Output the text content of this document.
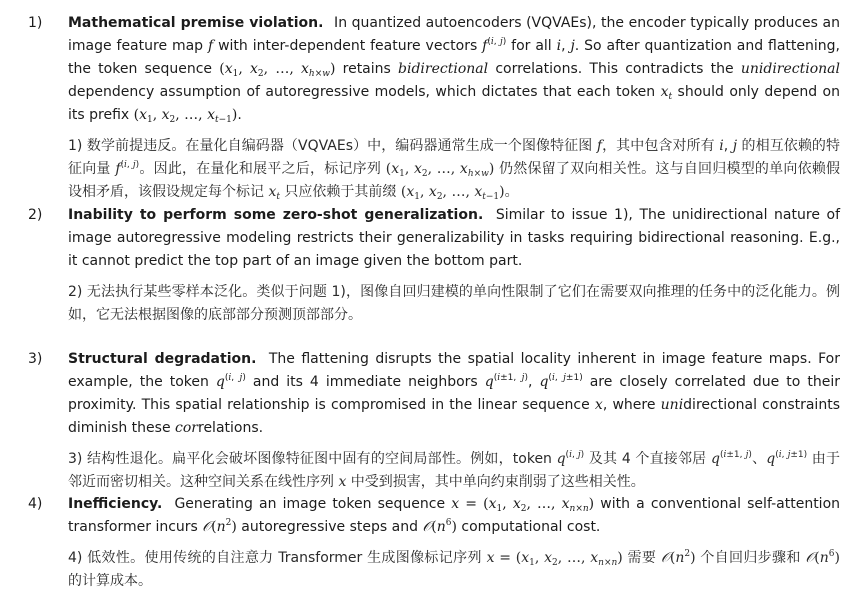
1) Mathematical premise violation. In quantized autoencoders (VQVAEs), the encoder typically produces an image feature map f with inter-dependent feature vectors $f^{(i, j)}$ for all i, j. So after quantization and flattening, the token sequence ($x_1$, $x_2$, …, $x_{h\times w}$) retains bidirectional correlations. This contradicts the unidirectional dependency assumption of autoregressive models, which dictates that each token $x_t$ should only depend on its prefix ($x_1$, $x_2$, …, $x_{t-1}$).
1) 数学前提违反。在量化自编码器（VQVAEs）中，编码器通常生成一个图像特征图 f，其中包含对所有 i, j 的相互依赖的特征向量 $f^{(i, j)}$。因此，在量化和展平之后，标记序列 ($x_1$, $x_2$, …, $x_{h\times w}$) 仍然保留了双向相关性。这与自回归模型的单向依赖假设相矛盾，该假设规定每个标记 $x_t$ 只应依赖于其前缀 ($x_1$, $x_2$, …, $x_{t-1}$)。
2) Inability to perform some zero-shot generalization. Similar to issue 1), The unidirectional nature of image autoregressive modeling restricts their generalizability in tasks requiring bidirectional reasoning. E.g., it cannot predict the top part of an image given the bottom part.
2) 无法执行某些零样本泛化。类似于问题 1)，图像自回归建模的单向性限制了它们在需要双向推理的任务中的泛化能力。例如，它无法根据图像的底部部分预测顶部部分。
3) Structural degradation. The flattening disrupts the spatial locality inherent in image feature maps. For example, the token $q^{(i, j)}$ and its 4 immediate neighbors $q^{(i\pm 1, j)}$, $q^{(i, j\pm 1)}$ are closely correlated due to their proximity. This spatial relationship is compromised in the linear sequence x, where unidirectional constraints diminish these correlations.
3) 结构性退化。扁平化会破坏图像特征图中固有的空间局部性。例如，token $q^{(i, j)}$ 及其 4 个直接邻居 $q^{(i\pm 1, j)}$、$q^{(i, j\pm 1)}$ 由于邻近而密切相关。这种空间关系在线性序列 x 中受到损害，其中单向约束削弱了这些相关性。
4) Inefficiency. Generating an image token sequence $x = (x_1$, $x_2$, …, $x_{n\times n}$) with a conventional self-attention transformer incurs $𝒪(n^2)$ autoregressive steps and $𝒪(n^6)$ computational cost.
4) 低效性。使用传统的自注意力 Transformer 生成图像标记序列 $x = (x_1$, $x_2$, …, $x_{n\times n}$) 需要 $𝒪(n^2)$ 个自回归步骤和 $𝒪(n^6)$ 的计算成本。
